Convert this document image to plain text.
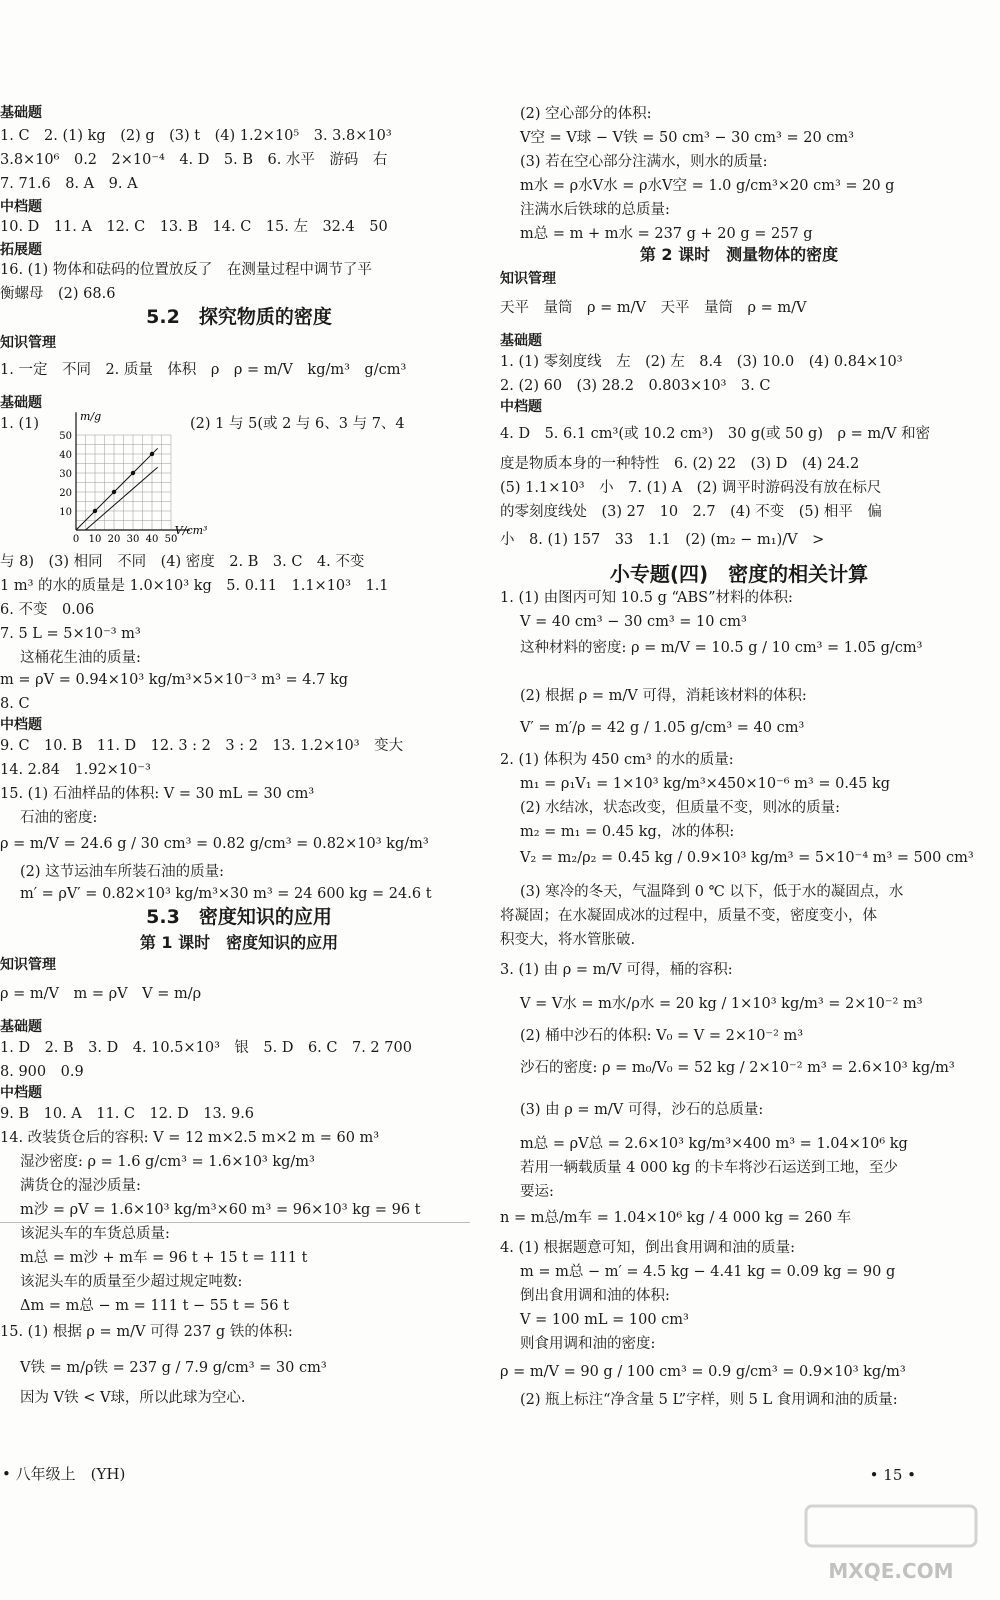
基础题
1. C　2. (1) kg　(2) g　(3) t　(4) 1.2×10⁵　3. 3.8×10³
3.8×10⁶　0.2　2×10⁻⁴　4. D　5. B　6. 水平　游码　右
7. 71.6　8. A　9. A
中档题
10. D　11. A　12. C　13. B　14. C　15. 左　32.4　50
拓展题
16. (1) 物体和砝码的位置放反了　在测量过程中调节了平
衡螺母　(2) 68.6
5.2　探究物质的密度
知识管理
1. 一定　不同　2. 质量　体积　ρ　ρ = m/V　kg/m³　g/cm³
基础题
1. (1)	(2) 1 与 5(或 2 与 6、3 与 7、4
与 8)　(3) 相同　不同　(4) 密度　2. B　3. C　4. 不变
1 m³ 的水的质量是 1.0×10³ kg　5. 0.11　1.1×10³　1.1
6. 不变　0.06
7. 5 L = 5×10⁻³ m³
这桶花生油的质量:
m = ρV = 0.94×10³ kg/m³×5×10⁻³ m³ = 4.7 kg
8. C
中档题
9. C　10. B　11. D　12. 3 : 2　3 : 2　13. 1.2×10³　变大
14. 2.84　1.92×10⁻³
15. (1) 石油样品的体积: V = 30 mL = 30 cm³
石油的密度:
ρ = m/V = 24.6 g / 30 cm³ = 0.82 g/cm³ = 0.82×10³ kg/m³
(2) 这节运油车所装石油的质量:
m′ = ρV′ = 0.82×10³ kg/m³×30 m³ = 24 600 kg = 24.6 t
5.3　密度知识的应用
第 1 课时　密度知识的应用
知识管理
ρ = m/V　m = ρV　V = m/ρ
基础题
1. D　2. B　3. D　4. 10.5×10³　银　5. D　6. C　7. 2 700
8. 900　0.9
中档题
9. B　10. A　11. C　12. D　13. 9.6
14. 改装货仓后的容积: V = 12 m×2.5 m×2 m = 60 m³
湿沙密度: ρ = 1.6 g/cm³ = 1.6×10³ kg/m³
满货仓的湿沙质量:
m沙 = ρV = 1.6×10³ kg/m³×60 m³ = 96×10³ kg = 96 t
该泥头车的车货总质量:
m总 = m沙 + m车 = 96 t + 15 t = 111 t
该泥头车的质量至少超过规定吨数:
Δm = m总 − m = 111 t − 55 t = 56 t
15. (1) 根据 ρ = m/V 可得 237 g 铁的体积:
V铁 = m/ρ铁 = 237 g / 7.9 g/cm³ = 30 cm³
因为 V铁 < V球，所以此球为空心.
(2) 空心部分的体积:
V空 = V球 − V铁 = 50 cm³ − 30 cm³ = 20 cm³
(3) 若在空心部分注满水，则水的质量:
m水 = ρ水V水 = ρ水V空 = 1.0 g/cm³×20 cm³ = 20 g
注满水后铁球的总质量:
m总 = m + m水 = 237 g + 20 g = 257 g
第 2 课时　测量物体的密度
知识管理
天平　量筒　ρ = m/V　天平　量筒　ρ = m/V
基础题
1. (1) 零刻度线　左　(2) 左　8.4　(3) 10.0　(4) 0.84×10³
2. (2) 60　(3) 28.2　0.803×10³　3. C
中档题
4. D　5. 6.1 cm³(或 10.2 cm³)　30 g(或 50 g)　ρ = m/V 和密
度是物质本身的一种特性　6. (2) 22　(3) D　(4) 24.2
(5) 1.1×10³　小　7. (1) A　(2) 调平时游码没有放在标尺
的零刻度线处　(3) 27　10　2.7　(4) 不变　(5) 相平　偏
小　8. (1) 157　33　1.1　(2) (m₂ − m₁)/V　>
小专题(四)　密度的相关计算
1. (1) 由图丙可知 10.5 g “ABS”材料的体积:
V = 40 cm³ − 30 cm³ = 10 cm³
这种材料的密度: ρ = m/V = 10.5 g / 10 cm³ = 1.05 g/cm³
(2) 根据 ρ = m/V 可得，消耗该材料的体积:
V′ = m′/ρ = 42 g / 1.05 g/cm³ = 40 cm³
2. (1) 体积为 450 cm³ 的水的质量:
m₁ = ρ₁V₁ = 1×10³ kg/m³×450×10⁻⁶ m³ = 0.45 kg
(2) 水结冰，状态改变，但质量不变，则冰的质量:
m₂ = m₁ = 0.45 kg，冰的体积:
V₂ = m₂/ρ₂ = 0.45 kg / 0.9×10³ kg/m³ = 5×10⁻⁴ m³ = 500 cm³
(3) 寒冷的冬天，气温降到 0 ℃ 以下，低于水的凝固点，水
将凝固；在水凝固成冰的过程中，质量不变，密度变小，体
积变大，将水管胀破.
3. (1) 由 ρ = m/V 可得，桶的容积:
V = V水 = m水/ρ水 = 20 kg / 1×10³ kg/m³ = 2×10⁻² m³
(2) 桶中沙石的体积: V₀ = V = 2×10⁻² m³
沙石的密度: ρ = m₀/V₀ = 52 kg / 2×10⁻² m³ = 2.6×10³ kg/m³
(3) 由 ρ = m/V 可得，沙石的总质量:
m总 = ρV总 = 2.6×10³ kg/m³×400 m³ = 1.04×10⁶ kg
若用一辆载质量 4 000 kg 的卡车将沙石运送到工地，至少
要运:
n = m总/m车 = 1.04×10⁶ kg / 4 000 kg = 260 车
4. (1) 根据题意可知，倒出食用调和油的质量:
m = m总 − m′ = 4.5 kg − 4.41 kg = 0.09 kg = 90 g
倒出食用调和油的体积:
V = 100 mL = 100 cm³
则食用调和油的密度:
ρ = m/V = 90 g / 100 cm³ = 0.9 g/cm³ = 0.9×10³ kg/m³
(2) 瓶上标注“净含量 5 L”字样，则 5 L 食用调和油的质量:
10
20
30
40
50
0 10 20 30 40 50
m/g
V/cm³
• 八年级上　(YH)	• 15 •
MXQE.COM
